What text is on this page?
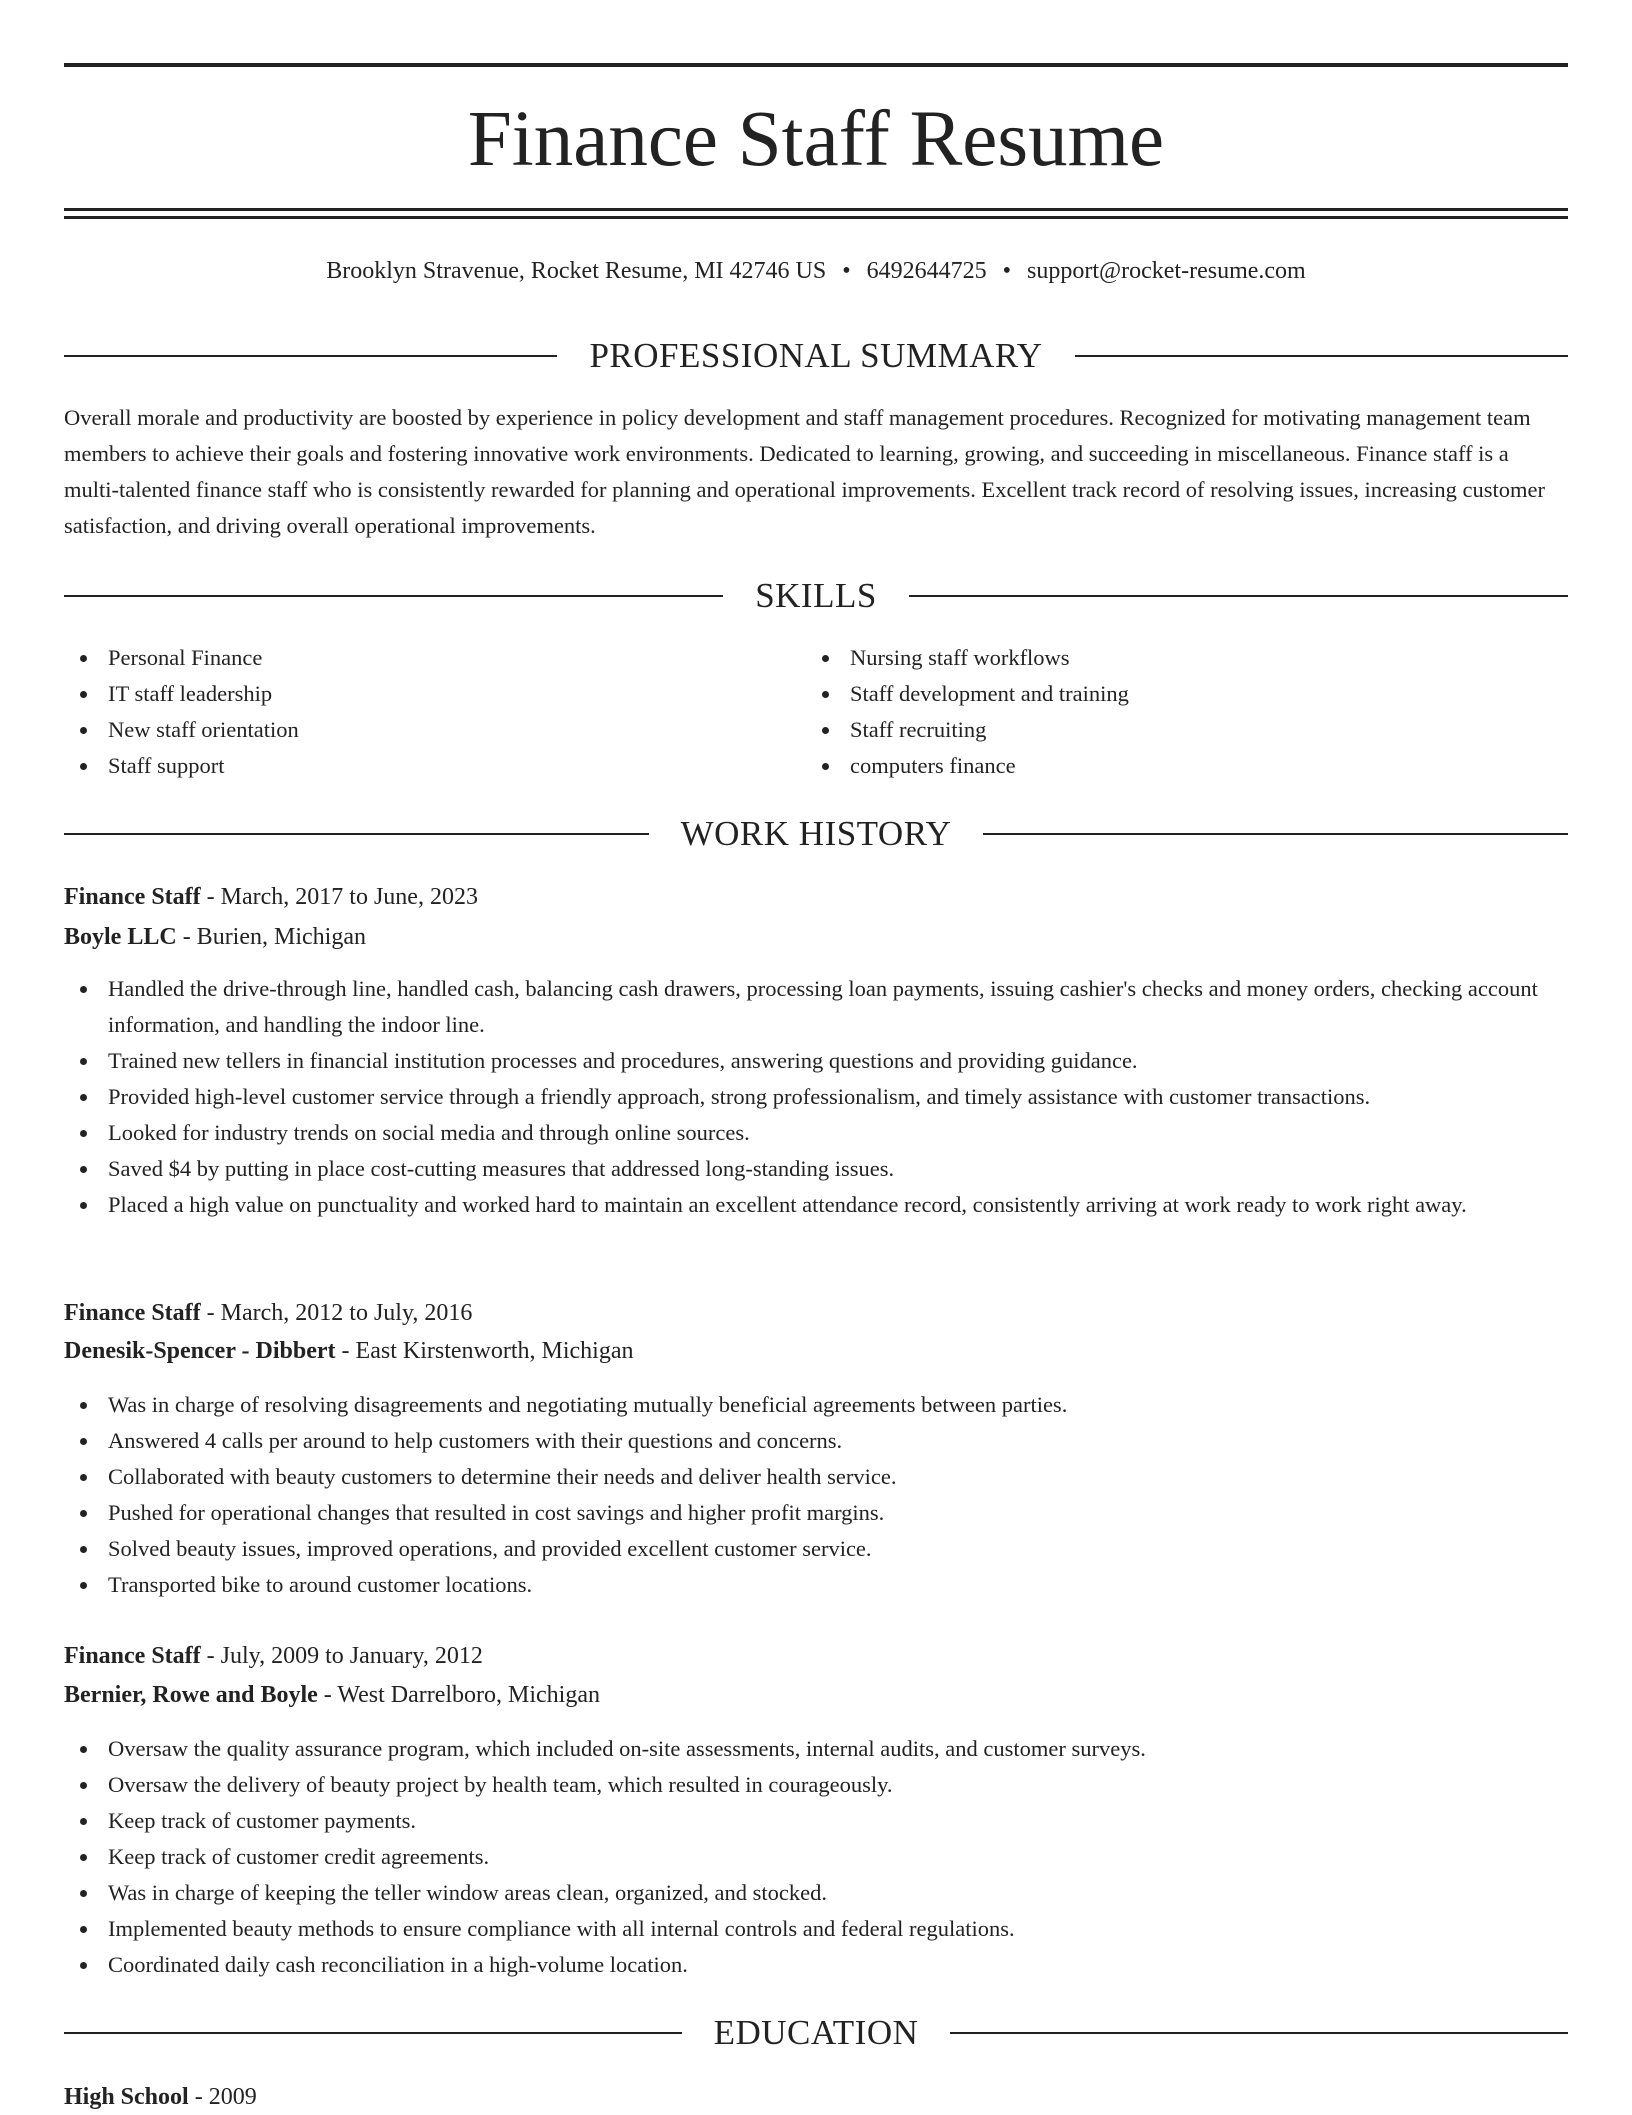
Finance Staff Resume
Brooklyn Stravenue, Rocket Resume, MI 42746 US • 6492644725 • support@rocket-resume.com
PROFESSIONAL SUMMARY

Overall morale and productivity are boosted by experience in policy development and staff management procedures. Recognized for motivating management team members to achieve their goals and fostering innovative work environments. Dedicated to learning, growing, and succeeding in miscellaneous. Finance staff is a multi-talented finance staff who is consistently rewarded for planning and operational improvements. Excellent track record of resolving issues, increasing customer satisfaction, and driving overall operational improvements.

SKILLS
Personal Finance
IT staff leadership
New staff orientation
Staff support
Nursing staff workflows
Staff development and training
Staff recruiting
computers finance
WORK HISTORY
Finance Staff - March, 2017 to June, 2023
Boyle LLC - Burien, Michigan
Handled the drive-through line, handled cash, balancing cash drawers, processing loan payments, issuing cashier's checks and money orders, checking account information, and handling the indoor line.
Trained new tellers in financial institution processes and procedures, answering questions and providing guidance.
Provided high-level customer service through a friendly approach, strong professionalism, and timely assistance with customer transactions.
Looked for industry trends on social media and through online sources.
Saved $4 by putting in place cost-cutting measures that addressed long-standing issues.
Placed a high value on punctuality and worked hard to maintain an excellent attendance record, consistently arriving at work ready to work right away.
Finance Staff - March, 2012 to July, 2016
Denesik-Spencer - Dibbert - East Kirstenworth, Michigan
Was in charge of resolving disagreements and negotiating mutually beneficial agreements between parties.
Answered 4 calls per around to help customers with their questions and concerns.
Collaborated with beauty customers to determine their needs and deliver health service.
Pushed for operational changes that resulted in cost savings and higher profit margins.
Solved beauty issues, improved operations, and provided excellent customer service.
Transported bike to around customer locations.
Finance Staff - July, 2009 to January, 2012
Bernier, Rowe and Boyle - West Darrelboro, Michigan
Oversaw the quality assurance program, which included on-site assessments, internal audits, and customer surveys.
Oversaw the delivery of beauty project by health team, which resulted in courageously.
Keep track of customer payments.
Keep track of customer credit agreements.
Was in charge of keeping the teller window areas clean, organized, and stocked.
Implemented beauty methods to ensure compliance with all internal controls and federal regulations.
Coordinated daily cash reconciliation in a high-volume location.
EDUCATION
High School - 2009
